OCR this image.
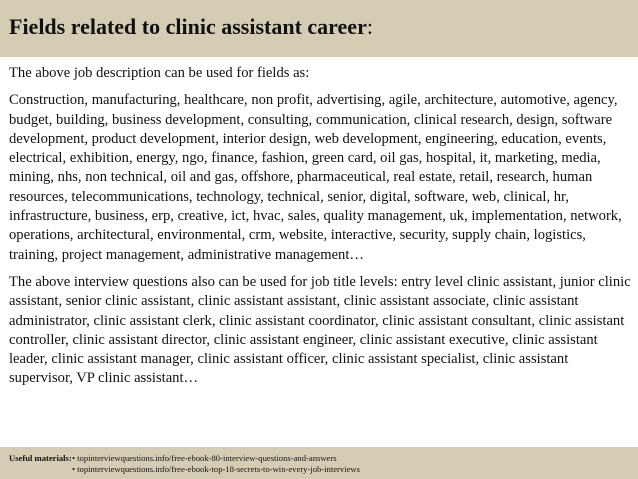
Fields related to clinic assistant career:

The above job description can be used for fields as:

Construction, manufacturing, healthcare, non profit, advertising, agile, architecture, automotive, agency, budget, building, business development, consulting, communication, clinical research, design, software development, product development, interior design, web development, engineering, education, events, electrical, exhibition, energy, ngo, finance, fashion, green card, oil gas, hospital, it, marketing, media, mining, nhs, non technical, oil and gas, offshore, pharmaceutical, real estate, retail, research, human resources, telecommunications, technology, technical, senior, digital, software, web, clinical, hr, infrastructure, business, erp, creative, ict, hvac, sales, quality management, uk, implementation, network, operations, architectural, environmental, crm, website, interactive, security, supply chain, logistics, training, project management, administrative management…

The above interview questions also can be used for job title levels: entry level clinic assistant, junior clinic assistant, senior clinic assistant, clinic assistant assistant, clinic assistant associate, clinic assistant administrator, clinic assistant clerk, clinic assistant coordinator, clinic assistant consultant, clinic assistant controller, clinic assistant director, clinic assistant engineer, clinic assistant executive, clinic assistant leader, clinic assistant manager, clinic assistant officer, clinic assistant specialist, clinic assistant supervisor, VP clinic assistant…

Useful materials: • topinterviewquestions.info/free-ebook-80-interview-questions-and-answers
• topinterviewquestions.info/free-ebook-top-18-secrets-to-win-every-job-interviews
